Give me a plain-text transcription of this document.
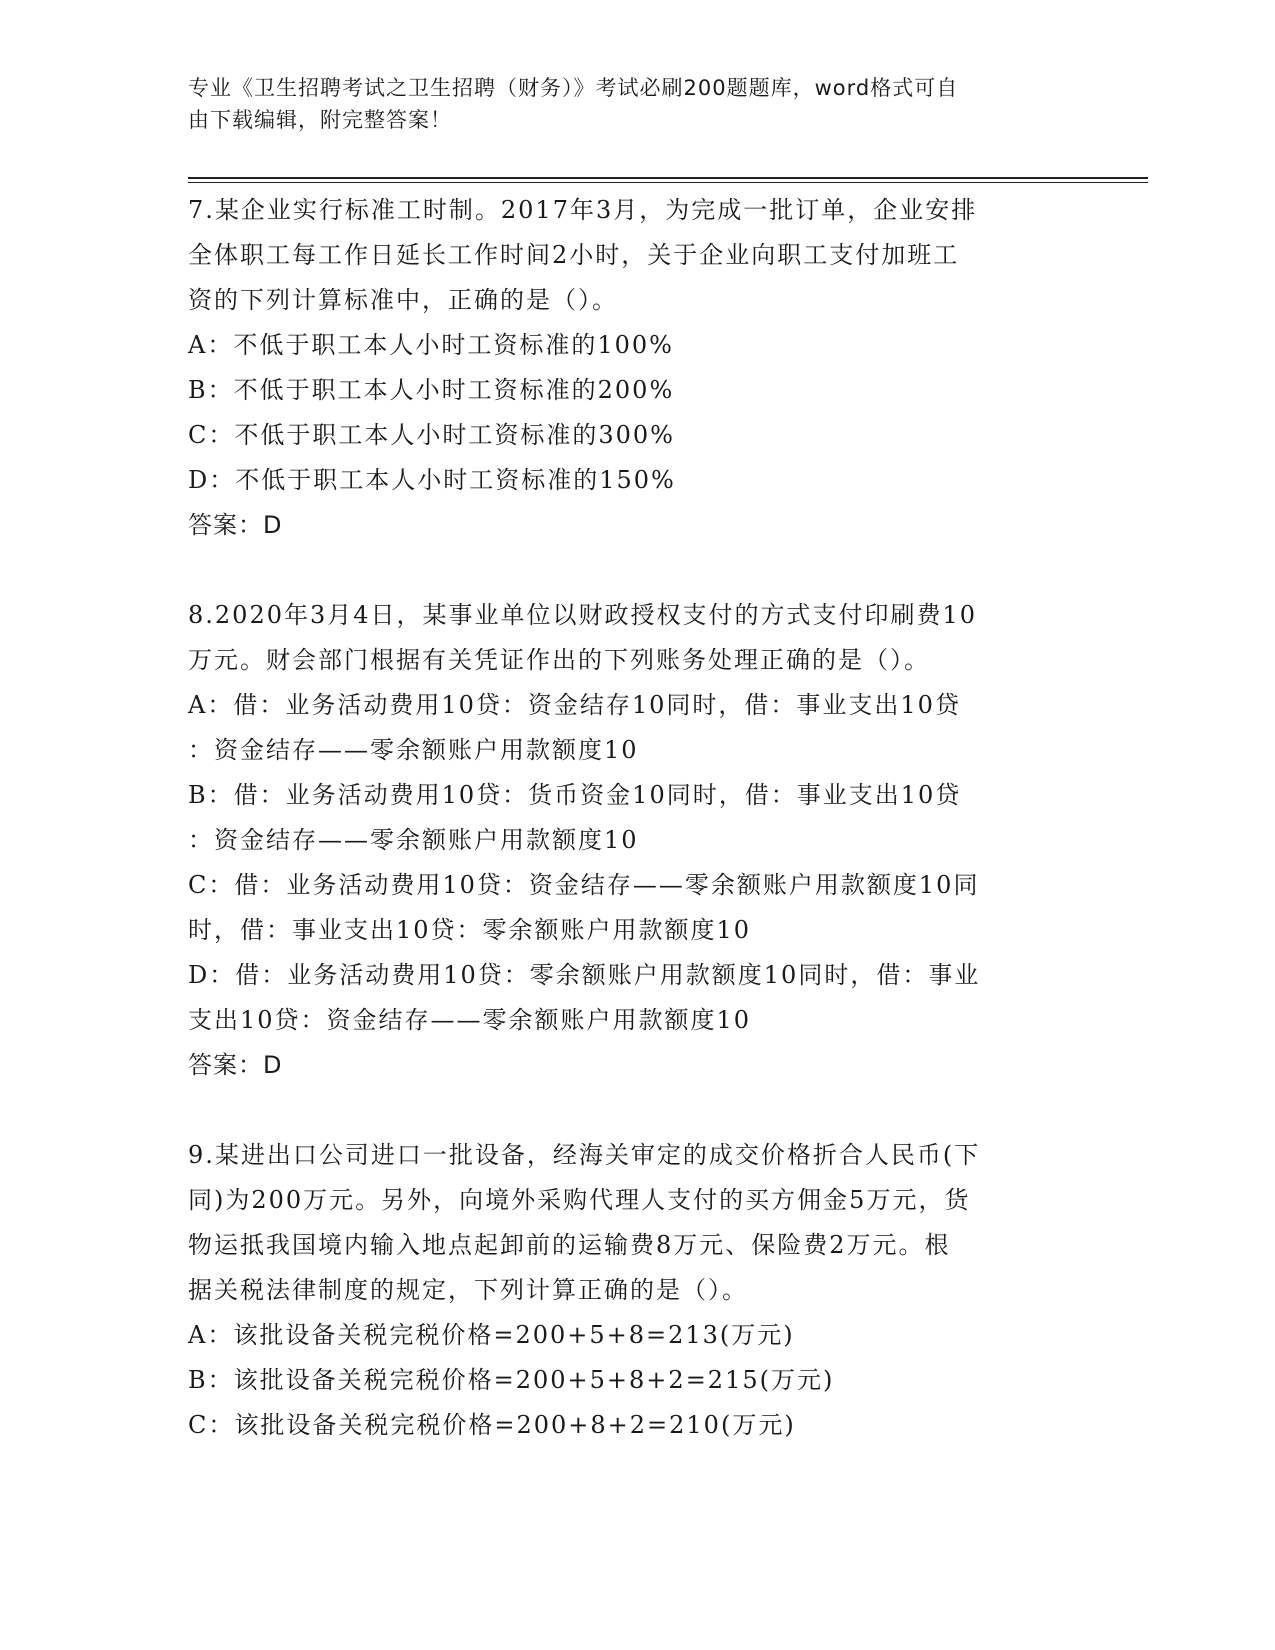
专业《卫生招聘考试之卫生招聘（财务）》考试必刷200题题库，word格式可自
由下载编辑，附完整答案！
7.某企业实行标准工时制。2017年3月，为完成一批订单，企业安排
全体职工每工作日延长工作时间2小时，关于企业向职工支付加班工
资的下列计算标准中，正确的是（）。
A：不低于职工本人小时工资标准的100%
B：不低于职工本人小时工资标准的200%
C：不低于职工本人小时工资标准的300%
D：不低于职工本人小时工资标准的150%
答案：D
8.2020年3月4日，某事业单位以财政授权支付的方式支付印刷费10
万元。财会部门根据有关凭证作出的下列账务处理正确的是（）。
A：借：业务活动费用10贷：资金结存10同时，借：事业支出10贷
：资金结存——零余额账户用款额度10
B：借：业务活动费用10贷：货币资金10同时，借：事业支出10贷
：资金结存——零余额账户用款额度10
C：借：业务活动费用10贷：资金结存——零余额账户用款额度10同
时，借：事业支出10贷：零余额账户用款额度10
D：借：业务活动费用10贷：零余额账户用款额度10同时，借：事业
支出10贷：资金结存——零余额账户用款额度10
答案：D
9.某进出口公司进口一批设备，经海关审定的成交价格折合人民币(下
同)为200万元。另外，向境外采购代理人支付的买方佣金5万元，货
物运抵我国境内输入地点起卸前的运输费8万元、保险费2万元。根
据关税法律制度的规定，下列计算正确的是（）。
A：该批设备关税完税价格=200+5+8=213(万元)
B：该批设备关税完税价格=200+5+8+2=215(万元)
C：该批设备关税完税价格=200+8+2=210(万元)
